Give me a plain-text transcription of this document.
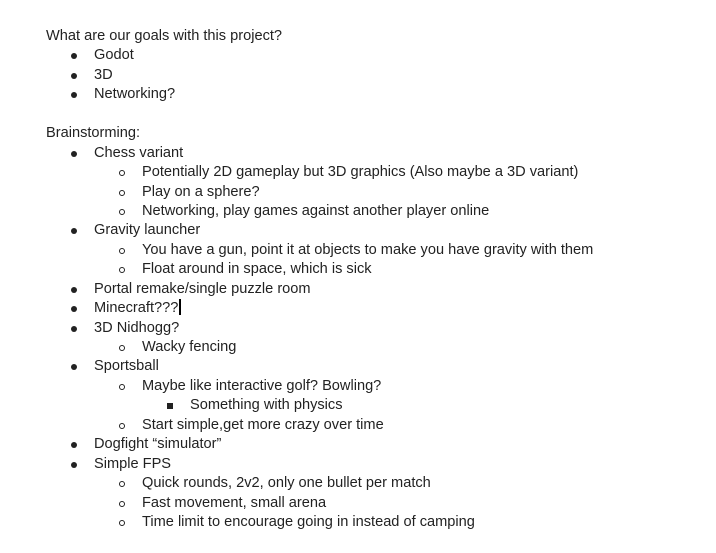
What are our goals with this project?
Godot
3D
Networking?
Brainstorming:
Chess variant
Potentially 2D gameplay but 3D graphics (Also maybe a 3D variant)
Play on a sphere?
Networking, play games against another player online
Gravity launcher
You have a gun, point it at objects to make you have gravity with them
Float around in space, which is sick
Portal remake/single puzzle room
Minecraft???
3D Nidhogg?
Wacky fencing
Sportsball
Maybe like interactive golf? Bowling?
Something with physics
Start simple,get more crazy over time
Dogfight “simulator”
Simple FPS
Quick rounds, 2v2, only one bullet per match
Fast movement, small arena
Time limit to encourage going in instead of camping
